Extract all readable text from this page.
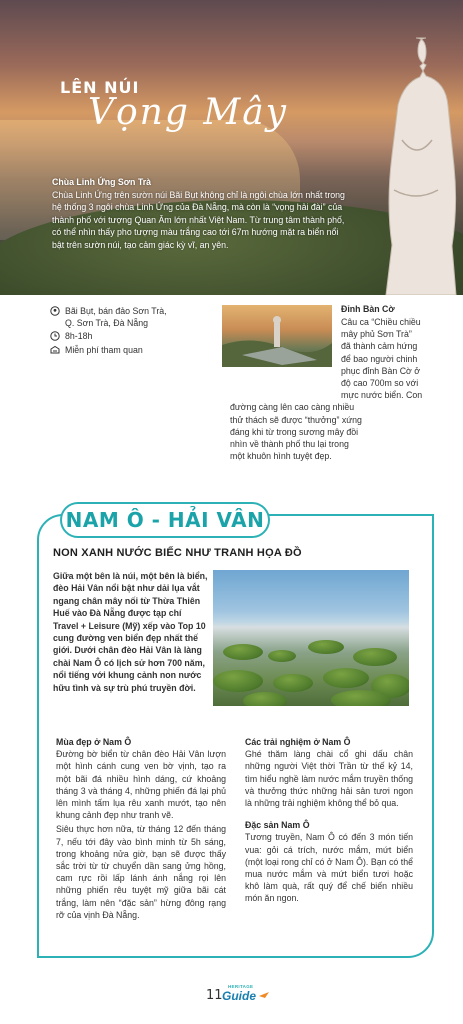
LÊN NÚI
Vọng Mây
Chùa Linh Ứng Sơn Trà
Chùa Linh Ứng trên sườn núi Bãi Bụt không chỉ là ngôi chùa lớn nhất trong hệ thống 3 ngôi chùa Linh Ứng của Đà Nẵng, mà còn là “vọng hải đài” của thành phố với tượng Quan Âm lớn nhất Việt Nam. Từ trung tâm thành phố, có thể nhìn thấy pho tượng màu trắng cao tới 67m hướng mặt ra biển nổi bật trên sườn núi, tạo cảm giác kỳ vĩ, an yên.
Bãi Bụt, bán đảo Sơn Trà,
Q. Sơn Trà, Đà Nẵng
8h-18h
Miễn phí tham quan
Đỉnh Bàn Cờ
Câu ca “Chiều chiều
mây phủ Sơn Trà”
đã thành cảm hứng
để bao người chinh
phục đỉnh Bàn Cờ ở
độ cao 700m so với
mực nước biển. Con
đường càng lên cao càng nhiều
thử thách sẽ được “thưởng” xứng
đáng khi từ trong sương mây đồi
nhìn về thành phố thu lại trong
một khuôn hình tuyệt đẹp.
NAM Ô - HẢI VÂN
NON XANH NƯỚC BIẾC NHƯ TRANH HỌA ĐỒ
Giữa một bên là núi, một bên là biển, đèo Hải Vân nổi bật như dải lụa vắt ngang chân mây nối từ Thừa Thiên Huế vào Đà Nẵng được tạp chí Travel + Leisure (Mỹ) xếp vào Top 10 cung đường ven biển đẹp nhất thế giới. Dưới chân đèo Hải Vân là làng chài Nam Ô có lịch sử hơn 700 năm, nổi tiếng với khung cảnh non nước hữu tình và sự trù phú truyền đời.
Mùa đẹp ở Nam Ô
Đường bờ biển từ chân đèo Hải Vân lượn một hình cánh cung ven bờ vịnh, tạo ra một bãi đá nhiều hình dáng, cứ khoảng tháng 3 và tháng 4, những phiến đá lại phủ lên mình tấm lụa rêu xanh mướt, tạo nên khung cảnh đẹp như tranh vẽ.
Siêu thực hơn nữa, từ tháng 12 đến tháng 7, nếu tới đây vào bình minh từ 5h sáng, trong khoảng nửa giờ, bạn sẽ được thấy sắc trời từ từ chuyển dần sang ửng hồng, cam rực rồi lấp lánh ánh nắng rọi lên những phiến rêu tuyệt mỹ giữa bãi cát trắng, làm nên “đặc sản” hừng đông rạng rỡ của vịnh Đà Nẵng.
Các trải nghiệm ở Nam Ô
Ghé thăm làng chài cổ ghi dấu chân những người Việt thời Trần từ thế kỷ 14, tìm hiểu nghề làm nước mắm truyền thống và thưởng thức những hải sản tươi ngon là những trải nghiệm không thể bỏ qua.
Đặc sản Nam Ô
Tương truyền, Nam Ô có đến 3 món tiến vua: gỏi cá trích, nước mắm, mứt biển (một loại rong chỉ có ở Nam Ô). Bạn có thể mua nước mắm và mứt biển tươi hoặc khô làm quà, rất quý để chế biến nhiều món ăn ngon.
11
HERITAGE
Guide
